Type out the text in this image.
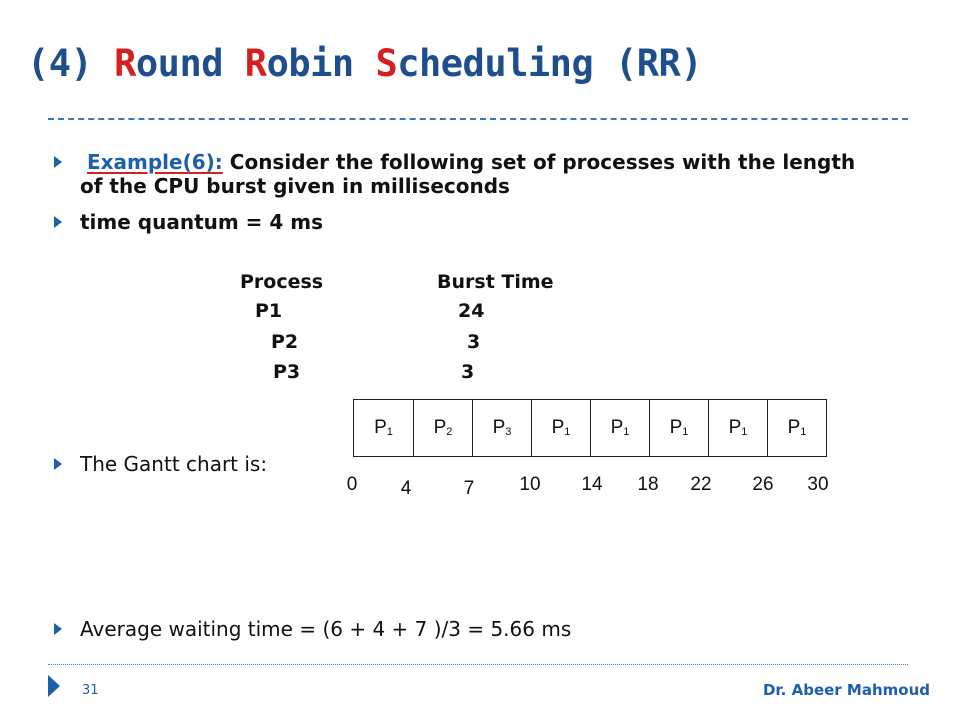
(4) Round Robin Scheduling (RR)
Example(6): Consider the following set of processes with the length
of the CPU burst given in milliseconds
time quantum = 4 ms
Process	Burst Time
P1	24
P2	3
P3	3
The Gantt chart is:
$P_1$ $P_2$ $P_3$ $P_1$ $P_1$ $P_1$ $P_1$ $P_1$
0 4	7 10 14 18 22 26 30
Average waiting time = (6 + 4 + 7 )/3 = 5.66 ms
31	Dr. Abeer Mahmoud
